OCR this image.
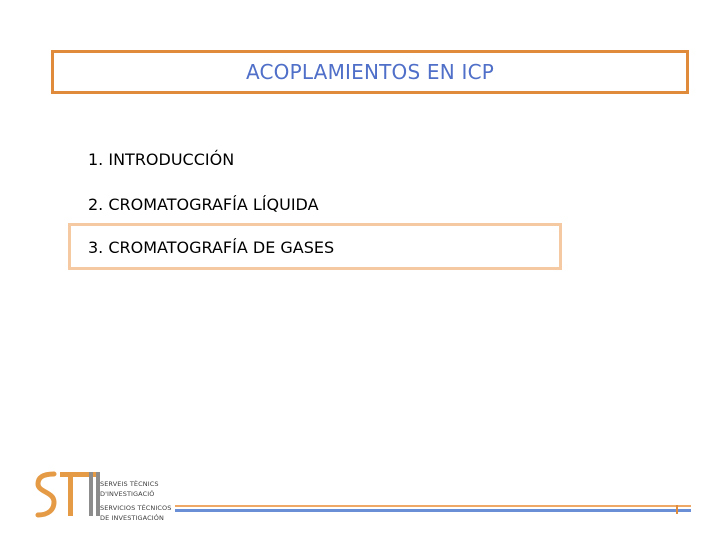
ACOPLAMIENTOS EN ICP
1. INTRODUCCIÓN
2. CROMATOGRAFÍA LÍQUIDA
3. CROMATOGRAFÍA DE GASES
SERVEIS TÈCNICS
D'INVESTIGACIÓ
SERVICIOS TÉCNICOS
DE INVESTIGACIÓN
